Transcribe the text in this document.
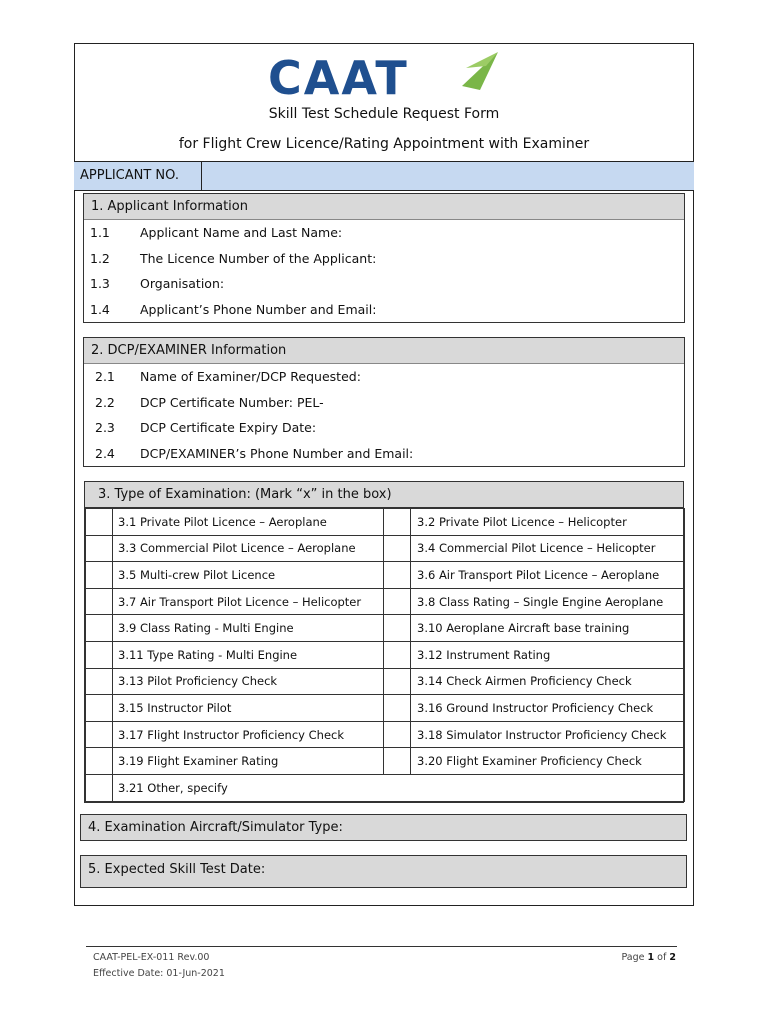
CAAT
Skill Test Schedule Request Form
for Flight Crew Licence/Rating Appointment with Examiner
APPLICANT NO.
1. Applicant Information
1.1 Applicant Name and Last Name:
1.2 The Licence Number of the Applicant:
1.3 Organisation:
1.4 Applicant’s Phone Number and Email:
2. DCP/EXAMINER Information
2.1 Name of Examiner/DCP Requested:
2.2 DCP Certificate Number: PEL-
2.3 DCP Certificate Expiry Date:
2.4 DCP/EXAMINER’s Phone Number and Email:
3. Type of Examination: (Mark “x” in the box)
	3.1 Private Pilot Licence – Aeroplane		3.2 Private Pilot Licence – Helicopter
	3.3 Commercial Pilot Licence – Aeroplane		3.4 Commercial Pilot Licence – Helicopter
	3.5 Multi-crew Pilot Licence		3.6 Air Transport Pilot Licence – Aeroplane
	3.7 Air Transport Pilot Licence – Helicopter		3.8 Class Rating – Single Engine Aeroplane
	3.9 Class Rating - Multi Engine		3.10 Aeroplane Aircraft base training
	3.11 Type Rating - Multi Engine		3.12 Instrument Rating
	3.13 Pilot Proficiency Check		3.14 Check Airmen Proficiency Check
	3.15 Instructor Pilot		3.16 Ground Instructor Proficiency Check
	3.17 Flight Instructor Proficiency Check		3.18 Simulator Instructor Proficiency Check
	3.19 Flight Examiner Rating		3.20 Flight Examiner Proficiency Check
	3.21 Other, specify		
4. Examination Aircraft/Simulator Type:
5. Expected Skill Test Date:
CAAT-PEL-EX-011 Rev.00
Effective Date: 01-Jun-2021
Page 1 of 2
